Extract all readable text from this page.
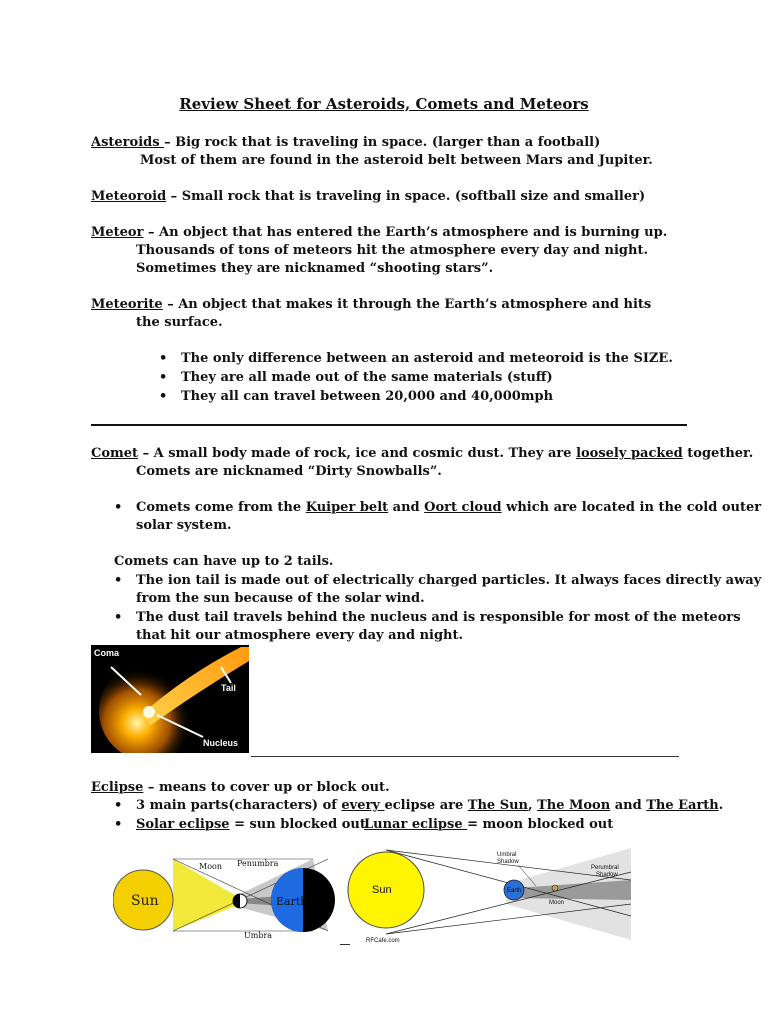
Review Sheet for Asteroids, Comets and Meteors
Asteroids – Big rock that is traveling in space. (larger than a football)
Most of them are found in the asteroid belt between Mars and Jupiter.
Meteoroid – Small rock that is traveling in space. (softball size and smaller)
Meteor – An object that has entered the Earth’s atmosphere and is burning up.
Thousands of tons of meteors hit the atmosphere every day and night.
Sometimes they are nicknamed “shooting stars”.
Meteorite – An object that makes it through the Earth’s atmosphere and hits
the surface.
• The only difference between an asteroid and meteoroid is the SIZE.
• They are all made out of the same materials (stuff)
• They all can travel between 20,000 and 40,000mph
Comet – A small body made of rock, ice and cosmic dust. They are loosely packed together.
Comets are nicknamed “Dirty Snowballs”.
• Comets come from the Kuiper belt and Oort cloud which are located in the cold outer
solar system.
Comets can have up to 2 tails.
• The ion tail is made out of electrically charged particles. It always faces directly away
from the sun because of the solar wind.
• The dust tail travels behind the nucleus and is responsible for most of the meteors
that hit our atmosphere every day and night.
Coma
Tail
Nucleus
Eclipse – means to cover up or block out.
• 3 main parts(characters) of every eclipse are The Sun, The Moon and The Earth.
• Solar eclipse = sun blocked out
Lunar eclipse = moon blocked out
Sun	Earth
Moon Penumbra
Umbra
Sun	Earth
Moon
Umbral
Shadow
Perumbral
Shadow
RFCafe.com
